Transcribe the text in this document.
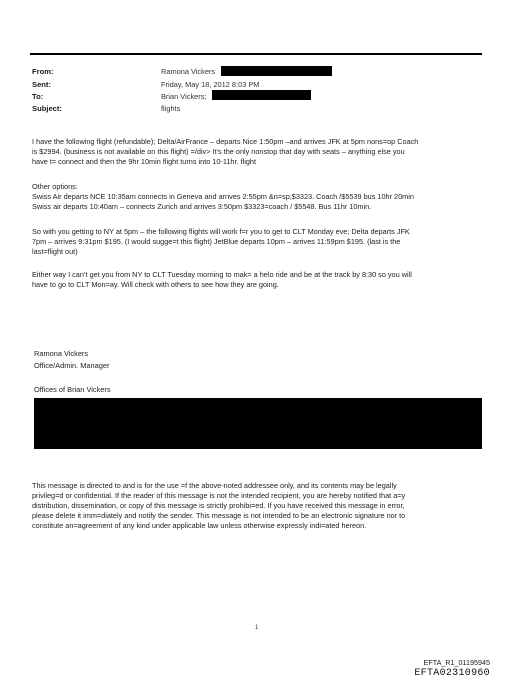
From:	Ramona Vickers
Sent:	Friday, May 18, 2012 8:03 PM
To:	Brian Vickers;
Subject:	flights
I have the following flight (refundable); Delta/AirFrance – departs Nice 1:50pm –and arrives JFK at 5pm nons=op Coach
is $2994. (business is not available on this flight) =/div> It’s the only nonstop that day with seats – anything else you
have t= connect and then the 9hr 10min flight turns into 10-11hr. flight
Other options:
Swiss Air departs NCE 10:35am connects in Geneva and arrives 2:55pm &n=sp;$3323. Coach /$5539 bus 10hr 20min
Swiss air departs 10:40am – connects Zurich and arrives 3:50pm $3323=coach / $5548. Bus 11hr 10min.
So with you getting to NY at 5pm – the following flights will work f=r you to get to CLT Monday eve; Delta departs JFK
7pm – arrives 9:31pm $195. (I would sugge=t this flight) JetBlue departs 10pm – arrives 11:59pm $195. (last is the
last=flight out)
Either way I can’t get you from NY to CLT Tuesday morning to mak= a helo ride and be at the track by 8:30 so you will
have to go to CLT Mon=ay. Will check with others to see how they are going.
Ramona Vickers
Office/Admin. Manager
Offices of Brian Vickers
This message is directed to and is for the use =f the above-noted addressee only, and its contents may be legally
privileg=d or confidential. If the reader of this message is not the intended recipient, you are hereby notified that a=y
distribution, dissemination, or copy of this message is strictly prohibi=ed. If you have received this message in error,
please delete it imm=diately and notify the sender. This message is not intended to be an electronic signature nor to
constitute an=agreement of any kind under applicable law unless otherwise expressly indi=ated hereon.
1
EFTA_R1_01195945
EFTA02310960
